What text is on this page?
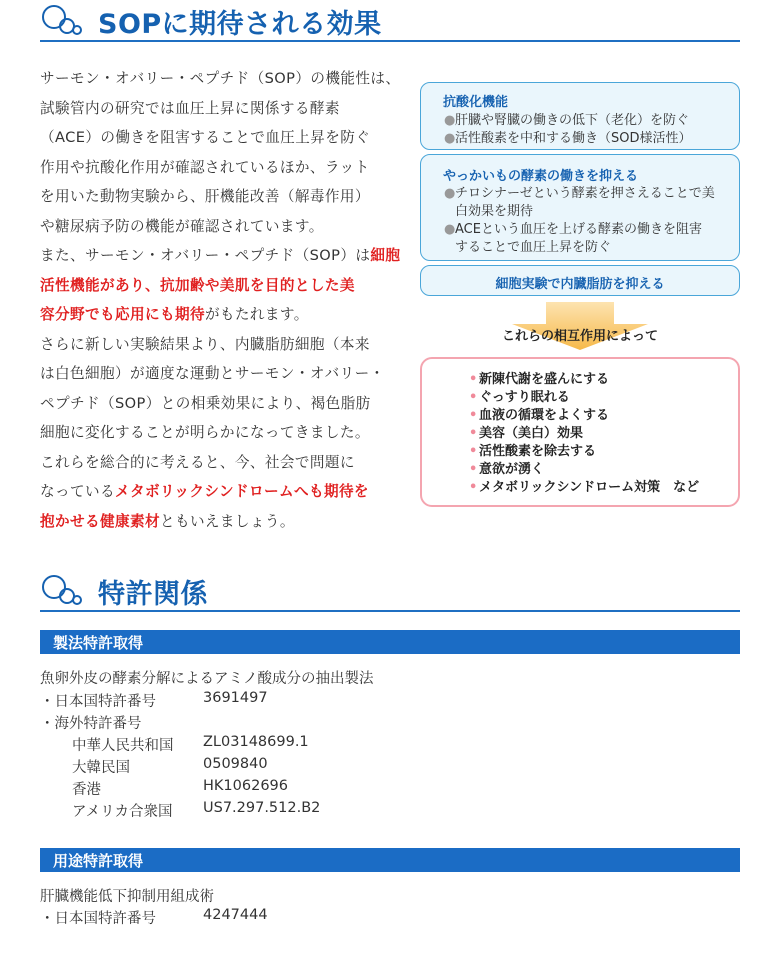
SOPに期待される効果
サーモン・オバリー・ペプチド（SOP）の機能性は、
試験管内の研究では血圧上昇に関係する酵素
（ACE）の働きを阻害することで血圧上昇を防ぐ
作用や抗酸化作用が確認されているほか、ラット
を用いた動物実験から、肝機能改善（解毒作用）
や糖尿病予防の機能が確認されています。
また、サーモン・オバリー・ペプチド（SOP）は細胞
活性機能があり、抗加齢や美肌を目的とした美
容分野でも応用にも期待がもたれます。
さらに新しい実験結果より、内臓脂肪細胞（本来
は白色細胞）が適度な運動とサーモン・オバリー・
ペプチド（SOP）との相乗効果により、褐色脂肪
細胞に変化することが明らかになってきました。
これらを総合的に考えると、今、社会で問題に
なっているメタボリックシンドロームへも期待を
抱かせる健康素材ともいえましょう。
抗酸化機能
● 肝臓や腎臓の働きの低下（老化）を防ぐ
● 活性酸素を中和する働き（SOD様活性）
やっかいもの酵素の働きを抑える
● チロシナーゼという酵素を押さえることで美
白効果を期待
● ACEという血圧を上げる酵素の働きを阻害
することで血圧上昇を防ぐ
細胞実験で内臓脂肪を抑える
これらの相互作用によって
• 新陳代謝を盛んにする
• ぐっすり眠れる
• 血液の循環をよくする
• 美容（美白）効果
• 活性酸素を除去する
• 意欲が湧く
• メタボリックシンドローム対策　など
特許関係
製法特許取得
魚卵外皮の酵素分解によるアミノ酸成分の抽出製法
・日本国特許番号	3691497
・海外特許番号
中華人民共和国 ZL03148699.1
大韓民国	0509840
香港	HK1062696
アメリカ合衆国 US7.297.512.B2
用途特許取得
肝臓機能低下抑制用組成術
・日本国特許番号	4247444
